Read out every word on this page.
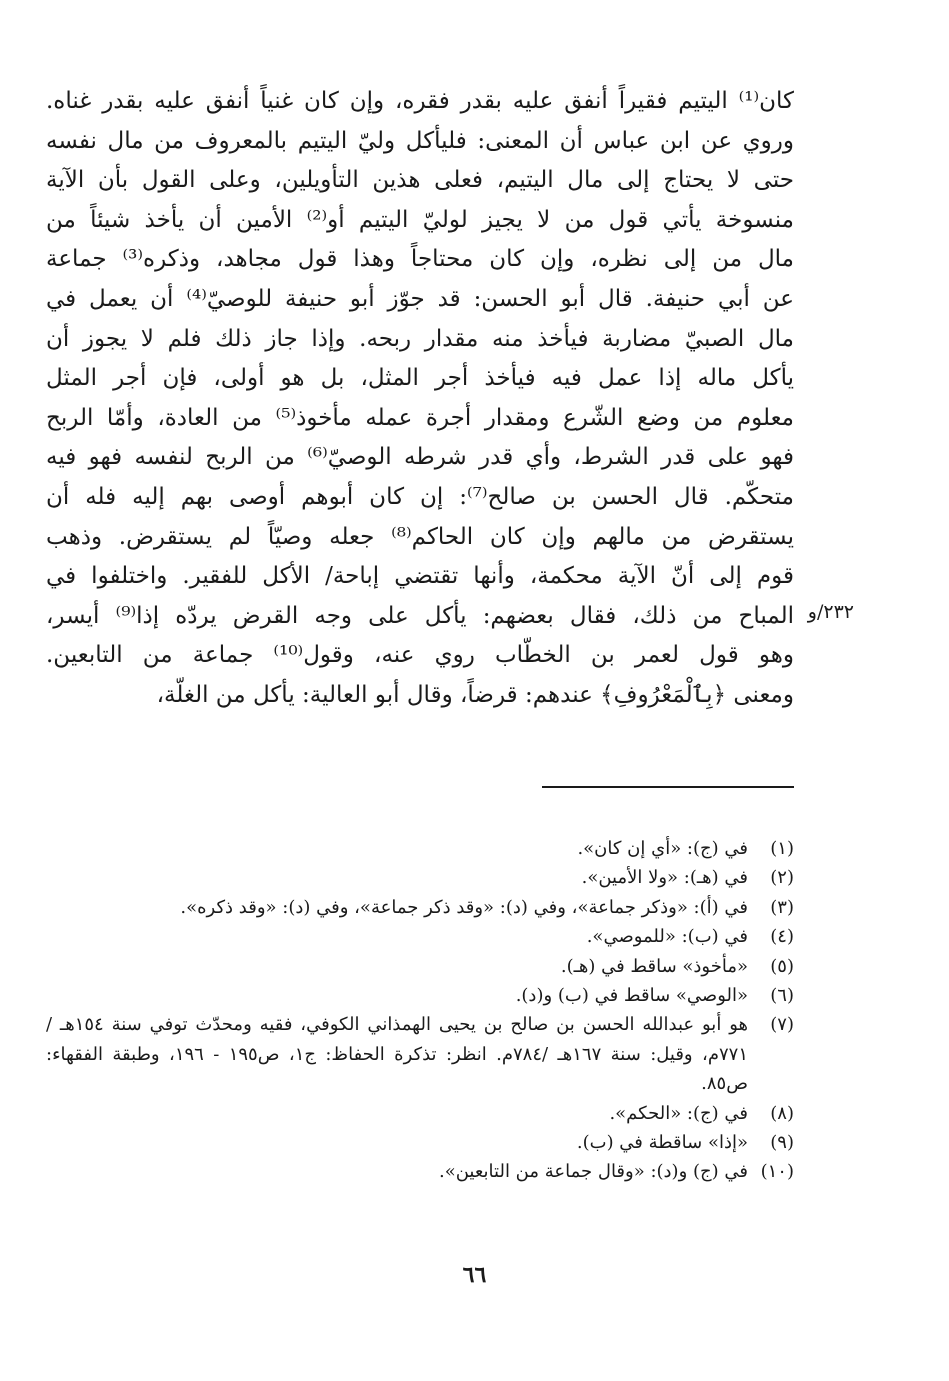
كان⁽¹⁾ اليتيم فقيراً أنفق عليه بقدر فقره، وإن كان غنياً أنفق عليه بقدر غناه.
وروي عن ابن عباس أن المعنى: فليأكل وليّ اليتيم بالمعروف من مال نفسه
حتى لا يحتاج إلى مال اليتيم، فعلى هذين التأويلين، وعلى القول بأن الآية
منسوخة يأتي قول من لا يجيز لوليّ اليتيم أو⁽²⁾ الأمين أن يأخذ شيئاً من
مال من إلى نظره، وإن كان محتاجاً وهذا قول مجاهد، وذكره⁽³⁾ جماعة
عن أبي حنيفة. قال أبو الحسن: قد جوّز أبو حنيفة للوصيّ⁽⁴⁾ أن يعمل في
مال الصبيّ مضاربة فيأخذ منه مقدار ربحه. وإذا جاز ذلك فلم لا يجوز أن
يأكل ماله إذا عمل فيه فيأخذ أجر المثل، بل هو أولى، فإن أجر المثل
معلوم من وضع الشّرع ومقدار أجرة عمله مأخوذ⁽⁵⁾ من العادة، وأمّا الربح
فهو على قدر الشرط، وأي قدر شرطه الوصيّ⁽⁶⁾ من الربح لنفسه فهو فيه
متحكّم. قال الحسن بن صالح⁽⁷⁾: إن كان أبوهم أوصى بهم إليه فله أن
يستقرض من مالهم وإن كان الحاكم⁽⁸⁾ جعله وصيّاً لم يستقرض. وذهب
قوم إلى أنّ الآية محكمة، وأنها تقتضي إباحة/ الأكل للفقير. واختلفوا في
المباح من ذلك، فقال بعضهم: يأكل على وجه القرض يردّه إذا⁽⁹⁾ أيسر،
وهو قول لعمر بن الخطّاب روي عنه، وقول⁽¹⁰⁾ جماعة من التابعين.
ومعنى ﴿بِٱلْمَعْرُوفِ﴾ عندهم: قرضاً، وقال أبو العالية: يأكل من الغلّة،
٢٣٢/و
(١)
في (ج): «أي إن كان».
(٢)
في (هـ): «ولا الأمين».
(٣)
في (أ): «وذكر جماعة»، وفي (د): «وقد ذكر جماعة»، وفي (د): «وقد ذكره».
(٤)
في (ب): «للموصي».
(٥)
«مأخوذ» ساقط في (هـ).
(٦)
«الوصي» ساقط في (ب) و(د).
(٧)
هو أبو عبدالله الحسن بن صالح بن يحيى الهمذاني الكوفي، فقيه ومحدّث توفي سنة ١٥٤هـ /٧٧١م، وقيل: سنة ١٦٧هـ /٧٨٤م. انظر: تذكرة الحفاظ: ج١، ص١٩٥ - ١٩٦، وطبقة الفقهاء: ص٨٥.
(٨)
في (ج): «الحكم».
(٩)
«إذا» ساقطة في (ب).
(١٠)
في (ج) و(د): «وقال جماعة من التابعين».
٦٦
